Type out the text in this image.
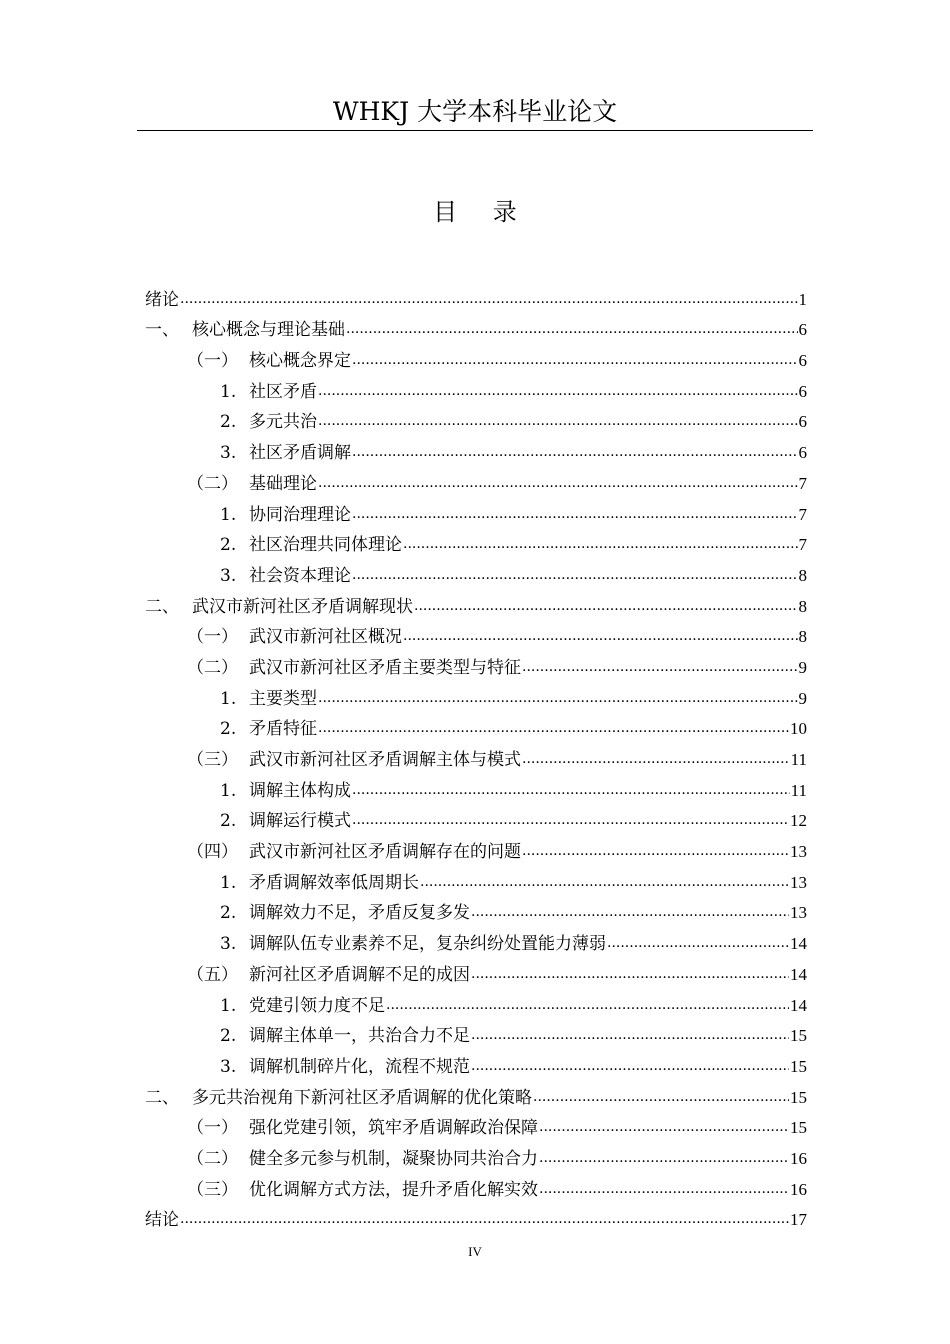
WHKJ 大学本科毕业论文
目 录
绪论 .....	1
一、 核心概念与理论基础 .....	6
（一） 核心概念界定 .....	6
1. 社区矛盾 .....	6
2. 多元共治 .....	6
3. 社区矛盾调解 .....	6
（二） 基础理论 .....	7
1. 协同治理理论 .....	7
2. 社区治理共同体理论 .....	7
3. 社会资本理论 .....	8
二、 武汉市新河社区矛盾调解现状 .....	8
（一） 武汉市新河社区概况 .....	8
（二） 武汉市新河社区矛盾主要类型与特征 .....	9
1. 主要类型 .....	9
2. 矛盾特征 .....	10
（三） 武汉市新河社区矛盾调解主体与模式 .....	11
1. 调解主体构成 .....	11
2. 调解运行模式 .....	12
（四） 武汉市新河社区矛盾调解存在的问题 .....	13
1. 矛盾调解效率低周期长 .....	13
2. 调解效力不足，矛盾反复多发 .....	13
3. 调解队伍专业素养不足，复杂纠纷处置能力薄弱 .....	14
（五） 新河社区矛盾调解不足的成因 .....	14
1. 党建引领力度不足 .....	14
2. 调解主体单一，共治合力不足 .....	15
3. 调解机制碎片化，流程不规范 .....	15
二、 多元共治视角下新河社区矛盾调解的优化策略 .....	15
（一） 强化党建引领，筑牢矛盾调解政治保障 .....	15
（二） 健全多元参与机制，凝聚协同共治合力 .....	16
（三） 优化调解方式方法，提升矛盾化解实效 .....	16
结论 .....	17
IV
